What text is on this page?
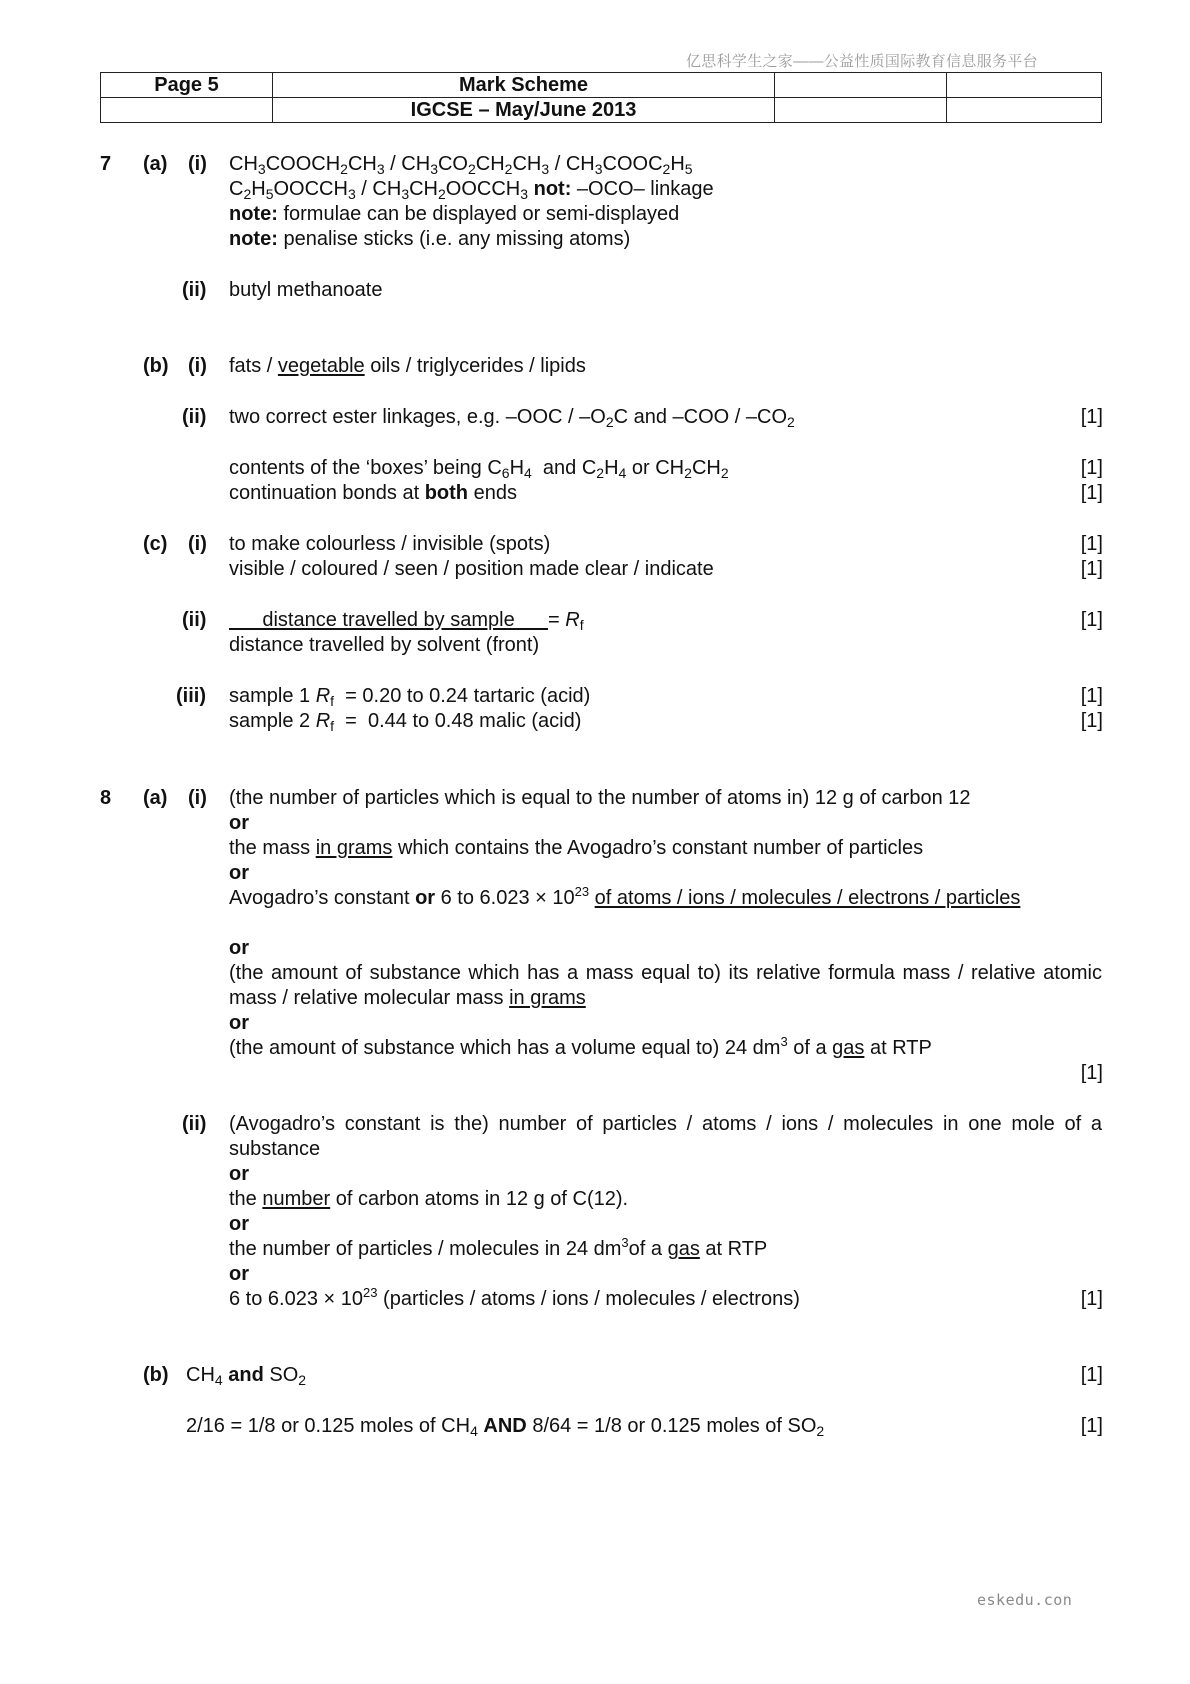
亿思科学生之家——公益性质国际教育信息服务平台
Page 5	Mark Scheme		
	IGCSE – May/June 2013		
7 (a) (i) $CH_3COOCH_2CH_3 / CH_3CO_2CH_2CH_3$ / $CH_3COOC_2H_5$
$C_2H_5OOCCH_3$ / $CH_3CH_2OOCCH_3$ not: –OCO– linkage
note: formulae can be displayed or semi-displayed
note: penalise sticks (i.e. any missing atoms)
(ii) butyl methanoate
(b) (i) fats / vegetable oils / triglycerides / lipids
(ii) two correct ester linkages, e.g. $-OOC / -O_2C$ and $-COO / -CO_2$	[1]
contents of the ‘boxes’ being $C_6H_4$  and $C_2H_4$ or $CH_2CH_2$	[1]
continuation bonds at both ends	[1]
(c) (i) to make colourless / invisible (spots)	[1]
visible / coloured / seen / position made clear / indicate	[1]
(ii) distance travelled by sample      = $R_f$	[1]
distance travelled by solvent (front)
(iii) sample 1 $R_f = 0.20$ to 0.24 tartaric (acid)	[1]
sample 2 $R_f = 0.44$ to 0.48 malic (acid)	[1]
8 (a) (i) (the number of particles which is equal to the number of atoms in) 12 g of carbon 12
or
the mass in grams which contains the Avogadro’s constant number of particles
or
Avogadro’s constant or 6 to $6.023 \times 10^{23}$ of atoms / ions / molecules / electrons / particles
or
(the amount of substance which has a mass equal to) its relative formula mass / relative atomic mass / relative molecular mass in grams
or
(the amount of substance which has a volume equal to) 24 $dm^3$ of a gas at RTP
[1]
(ii) (Avogadro’s constant is the) number of particles / atoms / ions / molecules in one mole of a substance
or
the number of carbon atoms in 12 g of C(12).
or
the number of particles / molecules in 24 $dm^3of$ a gas at RTP
or
6 to $6.023 \times 10^{23}$ (particles / atoms / ions / molecules / electrons)	[1]
(b) $CH_4$ and $SO_2$	[1]
2/16 = 1/8 or 0.125 moles of $CH_4$ AND 8/64 = 1/8 or 0.125 moles of $SO_2$	[1]
eskedu.con
